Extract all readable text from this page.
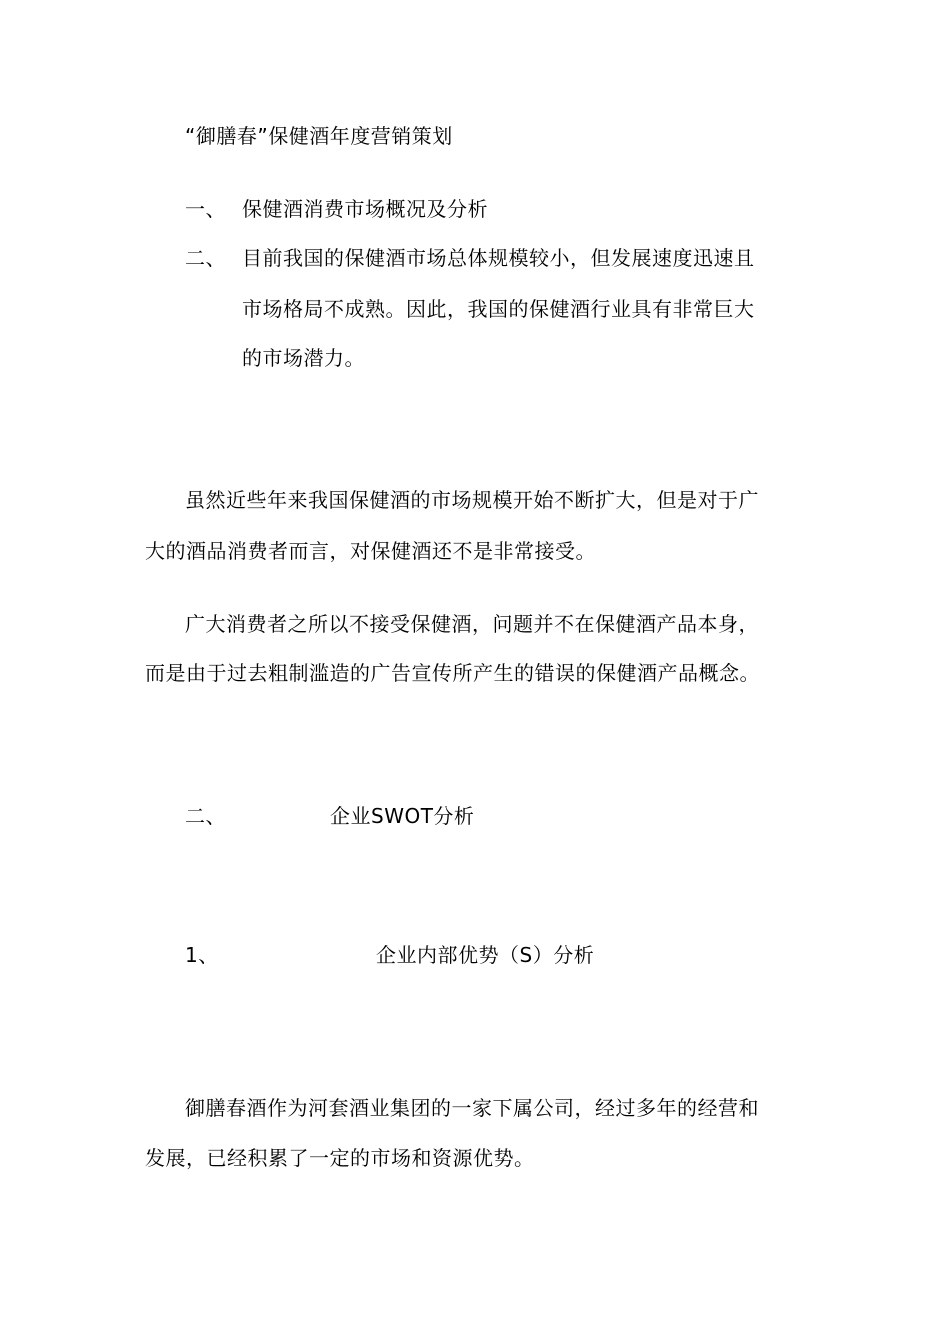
“御膳春”保健酒年度营销策划
一、 保健酒消费市场概况及分析
二、 目前我国的保健酒市场总体规模较小，但发展速度迅速且
市场格局不成熟。因此，我国的保健酒行业具有非常巨大
的市场潜力。
虽然近些年来我国保健酒的市场规模开始不断扩大，但是对于广
大的酒品消费者而言，对保健酒还不是非常接受。
广大消费者之所以不接受保健酒，问题并不在保健酒产品本身，
而是由于过去粗制滥造的广告宣传所产生的错误的保健酒产品概念。
二、	企业SWOT分析
1、	企业内部优势（S）分析
御膳春酒作为河套酒业集团的一家下属公司，经过多年的经营和
发展，已经积累了一定的市场和资源优势。
